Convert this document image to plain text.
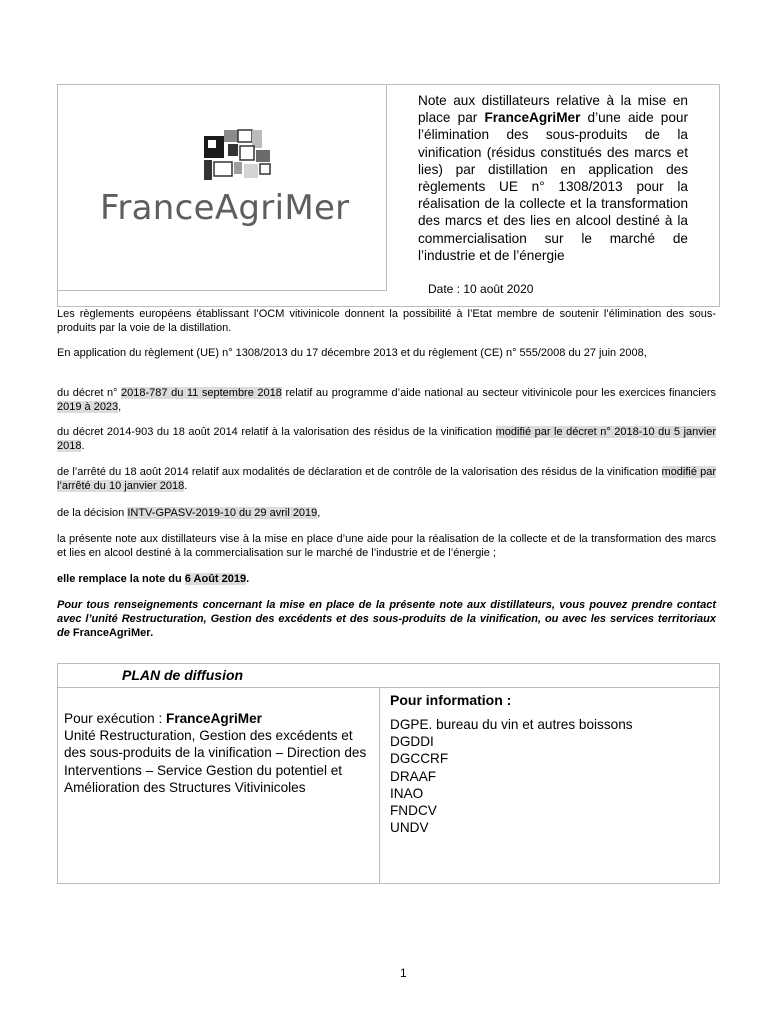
FranceAgriMer
Note aux distillateurs relative à la mise en place par FranceAgriMer d’une aide pour l’élimination des sous-produits de la vinification (résidus constitués des marcs et lies) par distillation en application des règlements UE n° 1308/2013 pour la réalisation de la collecte et la transformation des marcs et des lies en alcool destiné à la commercialisation sur le marché de l’industrie et de l’énergie
Date : 10 août 2020
Les règlements européens établissant l’OCM vitivinicole donnent la possibilité à l’Etat membre de soutenir l’élimination des sous-produits par la voie de la distillation.
En application du règlement (UE) n° 1308/2013 du 17 décembre 2013 et du règlement (CE) n° 555/2008 du 27 juin 2008,
du décret n° 2018-787 du 11 septembre 2018 relatif au programme d’aide national au secteur vitivinicole pour les exercices financiers 2019 à 2023,
du décret 2014-903 du 18 août 2014 relatif à la valorisation des résidus de la vinification modifié par le décret n° 2018-10 du 5 janvier 2018.
de l’arrêté du 18 août 2014 relatif aux modalités de déclaration et de contrôle de la valorisation des résidus de la vinification modifié par l’arrêté du 10 janvier 2018.
de la décision INTV-GPASV-2019-10 du 29 avril 2019,
la présente note aux distillateurs vise à la mise en place d’une aide pour la réalisation de la collecte et de la transformation des marcs et lies en alcool destiné à la commercialisation sur le marché de l’industrie et de l’énergie ;
elle remplace la note du 6 Août 2019.
Pour tous renseignements concernant la mise en place de la présente note aux distillateurs, vous pouvez prendre contact avec l’unité Restructuration, Gestion des excédents et des sous-produits de la vinification, ou avec les services territoriaux de FranceAgriMer.
PLAN de diffusion
Pour exécution : FranceAgriMer
Unité Restructuration, Gestion des excédents et des sous-produits de la vinification – Direction des Interventions – Service Gestion du potentiel et Amélioration des Structures Vitivinicoles
Pour information :
DGPE. bureau du vin et autres boissons
DGDDI
DGCCRF
DRAAF
INAO
FNDCV
UNDV
1
